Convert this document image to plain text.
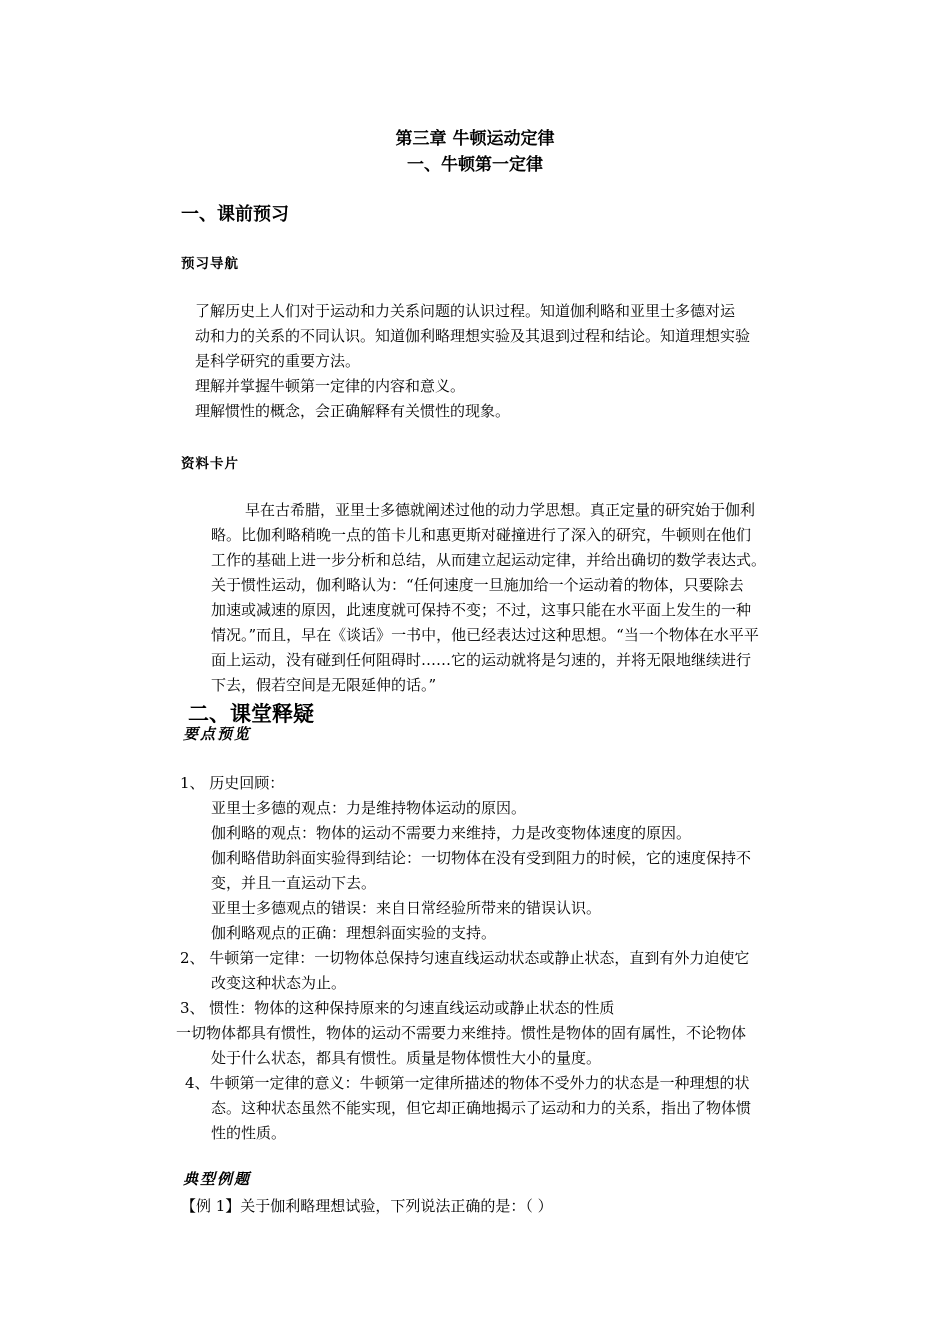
第三章 牛顿运动定律
一、牛顿第一定律
一、课前预习
预习导航
了解历史上人们对于运动和力关系问题的认识过程。知道伽利略和亚里士多德对运
动和力的关系的不同认识。知道伽利略理想实验及其退到过程和结论。知道理想实验
是科学研究的重要方法。
理解并掌握牛顿第一定律的内容和意义。
理解惯性的概念，会正确解释有关惯性的现象。
资料卡片
早在古希腊，亚里士多德就阐述过他的动力学思想。真正定量的研究始于伽利
略。比伽利略稍晚一点的笛卡儿和惠更斯对碰撞进行了深入的研究，牛顿则在他们
工作的基础上进一步分析和总结，从而建立起运动定律，并给出确切的数学表达式。
关于惯性运动，伽利略认为：“任何速度一旦施加给一个运动着的物体，只要除去
加速或减速的原因，此速度就可保持不变；不过，这事只能在水平面上发生的一种
情况。”而且，早在《谈话》一书中，他已经表达过这种思想。“当一个物体在水平平
面上运动，没有碰到任何阻碍时……它的运动就将是匀速的，并将无限地继续进行
下去，假若空间是无限延伸的话。”
二、课堂释疑
要点预览
1、 历史回顾：
亚里士多德的观点：力是维持物体运动的原因。
伽利略的观点：物体的运动不需要力来维持，力是改变物体速度的原因。
伽利略借助斜面实验得到结论：一切物体在没有受到阻力的时候，它的速度保持不
变，并且一直运动下去。
亚里士多德观点的错误：来自日常经验所带来的错误认识。
伽利略观点的正确：理想斜面实验的支持。
2、 牛顿第一定律：一切物体总保持匀速直线运动状态或静止状态，直到有外力迫使它
改变这种状态为止。
3、 惯性：物体的这种保持原来的匀速直线运动或静止状态的性质
一切物体都具有惯性，物体的运动不需要力来维持。惯性是物体的固有属性，不论物体
处于什么状态，都具有惯性。质量是物体惯性大小的量度。
4、牛顿第一定律的意义：牛顿第一定律所描述的物体不受外力的状态是一种理想的状
态。这种状态虽然不能实现，但它却正确地揭示了运动和力的关系，指出了物体惯
性的性质。
典型例题
【例 1】关于伽利略理想试验，下列说法正确的是：（ ）
